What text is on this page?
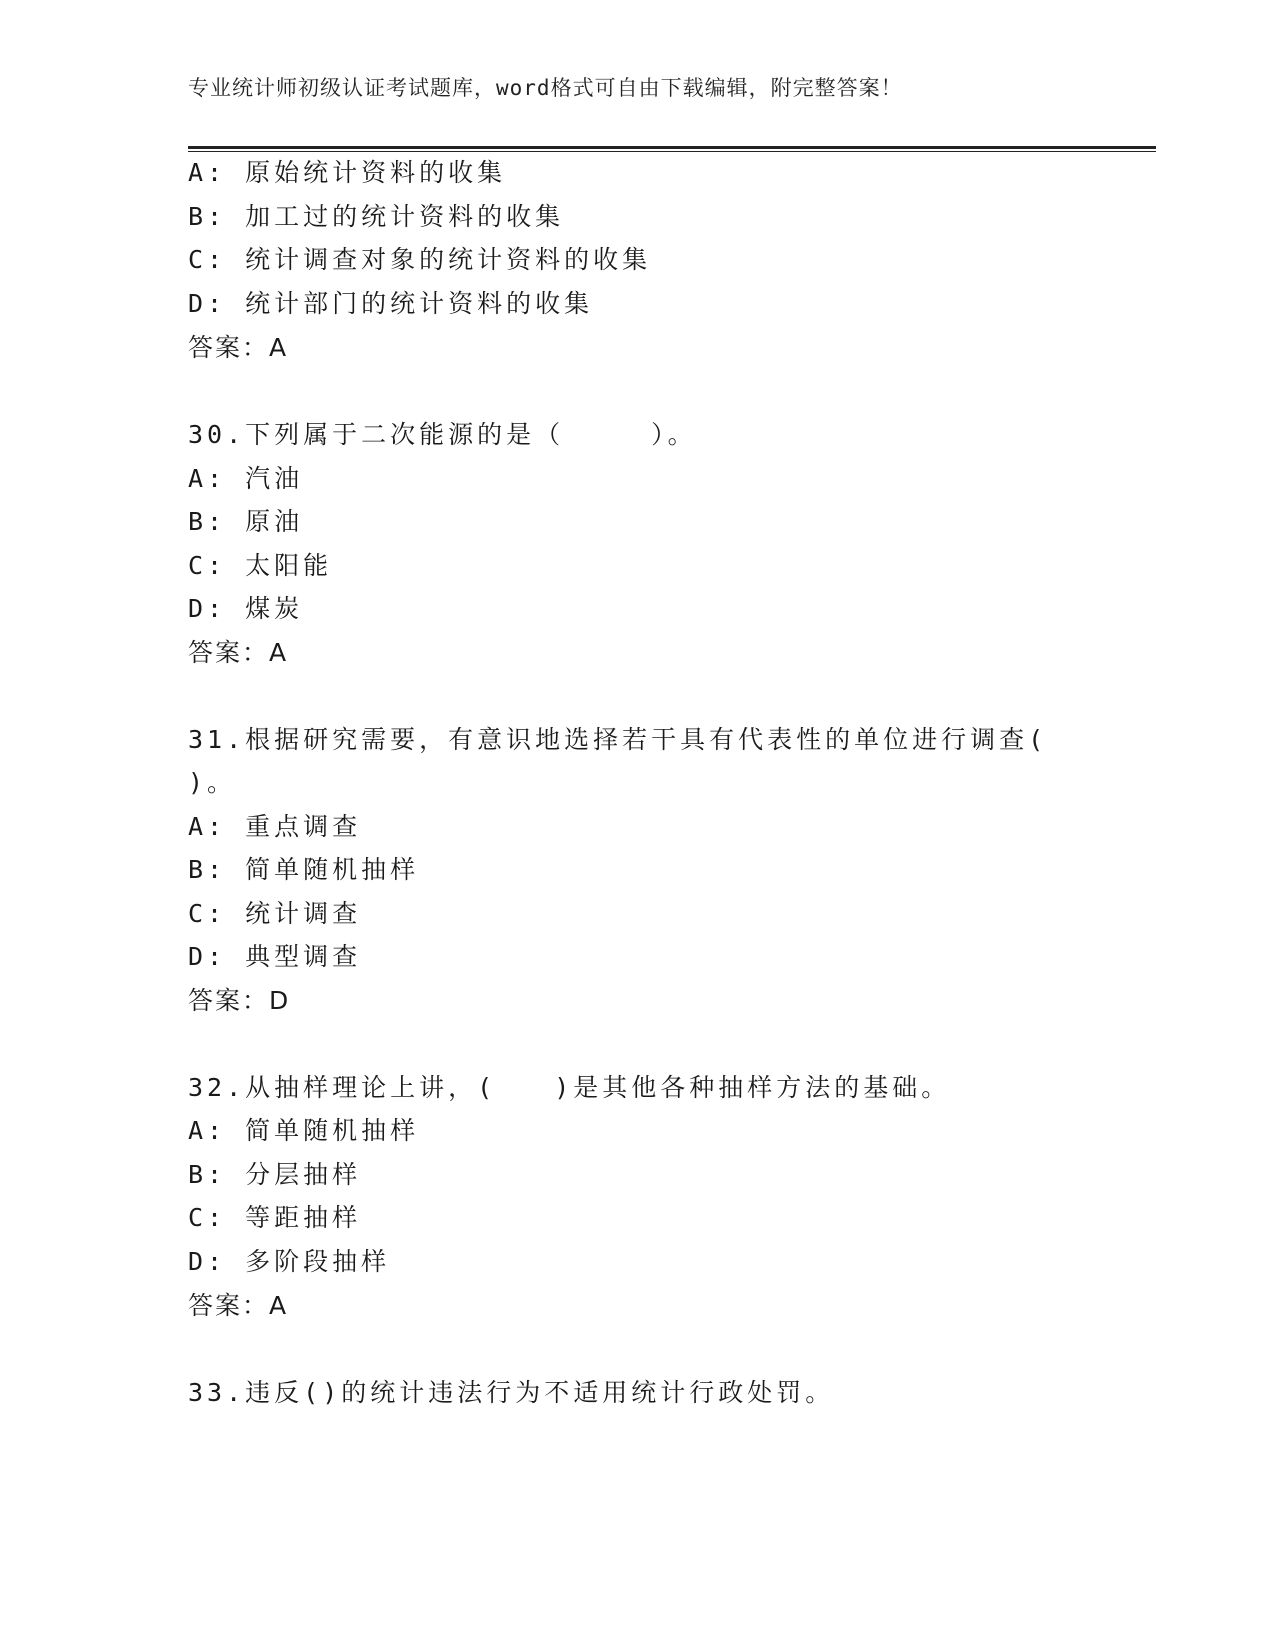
专业统计师初级认证考试题库，word格式可自由下载编辑，附完整答案！
A: 原始统计资料的收集
B: 加工过的统计资料的收集
C: 统计调查对象的统计资料的收集
D: 统计部门的统计资料的收集
答案：A
30.下列属于二次能源的是（　　　）。
A: 汽油
B: 原油
C: 太阳能
D: 煤炭
答案：A
31.根据研究需要，有意识地选择若干具有代表性的单位进行调查(
)。
A: 重点调查
B: 简单随机抽样
C: 统计调查
D: 典型调查
答案：D
32.从抽样理论上讲，(　　)是其他各种抽样方法的基础。
A: 简单随机抽样
B: 分层抽样
C: 等距抽样
D: 多阶段抽样
答案：A
33.违反()的统计违法行为不适用统计行政处罚。
